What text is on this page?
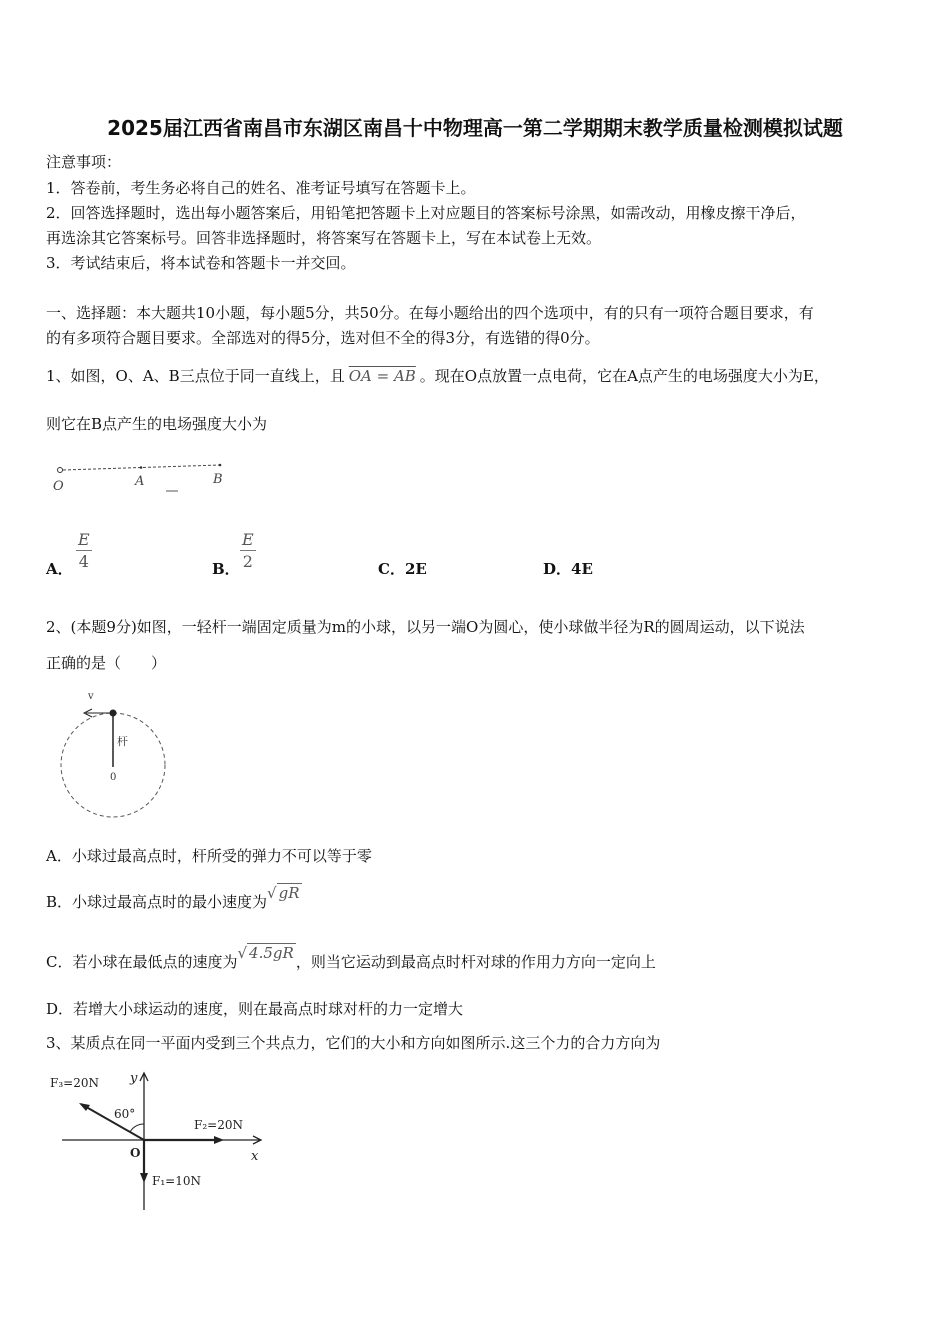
2025届江西省南昌市东湖区南昌十中物理高一第二学期期末教学质量检测模拟试题
注意事项：
1．答卷前，考生务必将自己的姓名、准考证号填写在答题卡上。
2．回答选择题时，选出每小题答案后，用铅笔把答题卡上对应题目的答案标号涂黑，如需改动，用橡皮擦干净后，
再选涂其它答案标号。回答非选择题时，将答案写在答题卡上，写在本试卷上无效。
3．考试结束后，将本试卷和答题卡一并交回。
一、选择题：本大题共10小题，每小题5分，共50分。在每小题给出的四个选项中，有的只有一项符合题目要求，有
的有多项符合题目要求。全部选对的得5分，选对但不全的得3分，有选错的得0分。
1、如图，O、A、B三点位于同一直线上，且 OA = AB 。现在O点放置一点电荷，它在A点产生的电场强度大小为E，
则它在B点产生的电场强度大小为
O	A	B
A． $\frac{E}{4}$	B． $\frac{E}{2}$	C．2E	D．4E
2、(本题9分)如图，一轻杆一端固定质量为m的小球，以另一端O为圆心，使小球做半径为R的圆周运动，以下说法
正确的是（　　）
v
杆
0
A．小球过最高点时，杆所受的弹力不可以等于零
B．小球过最高点时的最小速度为√ gR
C．若小球在最低点的速度为√ 4.5gR ，则当它运动到最高点时杆对球的作用力方向一定向上
D．若增大小球运动的速度，则在最高点时球对杆的力一定增大
3、某质点在同一平面内受到三个共点力，它们的大小和方向如图所示.这三个力的合力方向为
F₃=20N
60°
F₂=20N
F₁=10N
O	x
y
